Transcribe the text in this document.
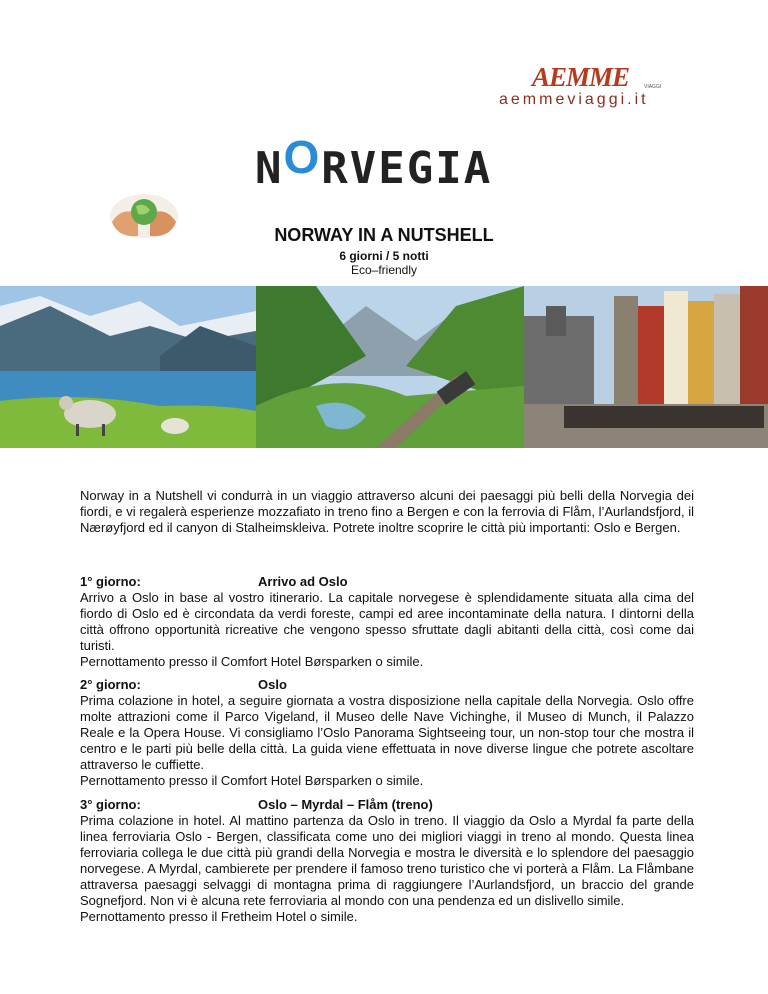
AEMME	VIAGGI
aemmeviaggi.it
NORVEGIA
NORWAY IN A NUTSHELL
6 giorni / 5 notti
Eco–friendly
Norway in a Nutshell vi condurrà in un viaggio attraverso alcuni dei paesaggi più belli della Norvegia dei fiordi, e vi regalerà esperienze mozzafiato in treno fino a Bergen e con la ferrovia di Flåm, l’Aurlandsfjord, il Nærøyfjord ed il canyon di Stalheimskleiva. Potrete inoltre scoprire le città più importanti: Oslo e Bergen.
1° giorno:	Arrivo ad Oslo

Arrivo a Oslo in base al vostro itinerario. La capitale norvegese è splendidamente situata alla cima del fiordo di Oslo ed è circondata da verdi foreste, campi ed aree incontaminate della natura. I dintorni della città offrono opportunità ricreative che vengono spesso sfruttate dagli abitanti della città, così come dai turisti.

Pernottamento presso il Comfort Hotel Børsparken o simile.

2° giorno:	Oslo

Prima colazione in hotel, a seguire giornata a vostra disposizione nella capitale della Norvegia. Oslo offre molte attrazioni come il Parco Vigeland, il Museo delle Nave Vichinghe, il Museo di Munch, il Palazzo Reale e la Opera House. Vi consigliamo l’Oslo Panorama Sightseeing tour, un non-stop tour che mostra il centro e le parti più belle della città. La guida viene effettuata in nove diverse lingue che potrete ascoltare attraverso le cuffiette.

Pernottamento presso il Comfort Hotel Børsparken o simile.

3° giorno:	Oslo – Myrdal – Flåm (treno)

Prima colazione in hotel. Al mattino partenza da Oslo in treno. Il viaggio da Oslo a Myrdal fa parte della linea ferroviaria Oslo - Bergen, classificata come uno dei migliori viaggi in treno al mondo. Questa linea ferroviaria collega le due città più grandi della Norvegia e mostra le diversità e lo splendore del paesaggio norvegese. A Myrdal, cambierete per prendere il famoso treno turistico che vi porterà a Flåm. La Flåmbane attraversa paesaggi selvaggi di montagna prima di raggiungere l’Aurlandsfjord, un braccio del grande Sognefjord. Non vi è alcuna rete ferroviaria al mondo con una pendenza ed un dislivello simile.

Pernottamento presso il Fretheim Hotel o simile.
